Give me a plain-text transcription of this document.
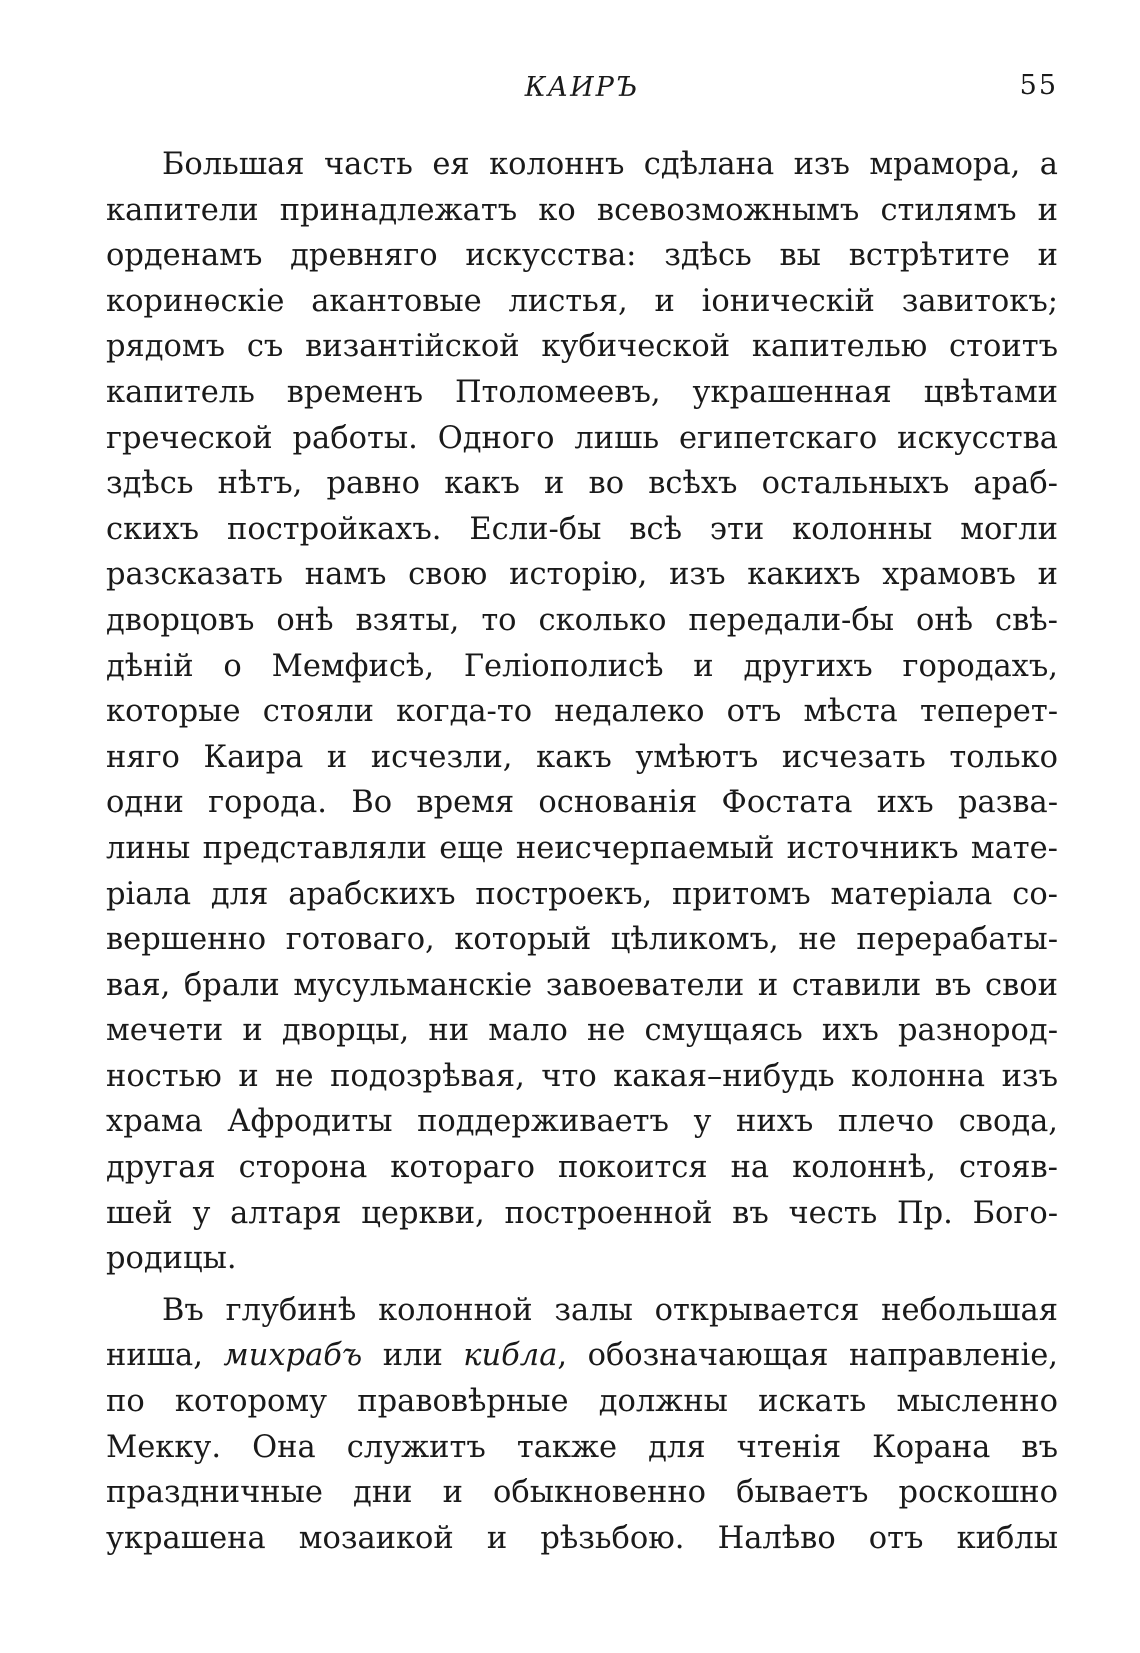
КАИРЪ	55
Большая часть ея колоннъ сдѣлана изъ мрамора, а
капители принадлежатъ ко всевозможнымъ стилямъ и
орденамъ древняго искусства: здѣсь вы встрѣтите и
коринѳскіе акантовые листья, и іоническій завитокъ;
рядомъ съ византійской кубической капителью стоитъ
капитель временъ Птоломеевъ, украшенная цвѣтами
греческой работы. Одного лишь египетскаго искусства
здѣсь нѣтъ, равно какъ и во всѣхъ остальныхъ араб-
скихъ постройкахъ. Если-бы всѣ эти колонны могли
разсказать намъ свою исторію, изъ какихъ храмовъ и
дворцовъ онѣ взяты, то сколько передали-бы онѣ свѣ-
дѣній о Мемфисѣ, Геліополисѣ и другихъ городахъ,
которые стояли когда-то недалеко отъ мѣста теперет-
няго Каира и исчезли, какъ умѣютъ исчезать только
одни города. Во время основанія Фостата ихъ развa-
лины представляли еще неисчерпаемый источникъ мате-
ріала для арабскихъ построекъ, притомъ матеріала со-
вершенно готоваго, который цѣликомъ, не перерабaты-
вая, брали мусульманскіе завоеватели и ставили въ свои
мечети и дворцы, ни мало не смущаясь ихъ разнород-
ностью и не подозрѣвая, что какая–нибудь колонна изъ
храма Афродиты поддерживаетъ у нихъ плечо свода,
другая сторона котораго покоится на колоннѣ, стояв-
шей у алтаря церкви, построенной въ честь Пр. Бого-
родицы.
Въ глубинѣ колонной залы открывается небольшая
ниша, михрабъ или кибла, обозначающая направленіе,
по которому правовѣрные должны искать мысленно
Мекку. Она служитъ также для чтенія Корана въ
праздничные дни и обыкновенно бываетъ роскошно
украшена мозаикой и рѣзьбою. Налѣво отъ киблы
